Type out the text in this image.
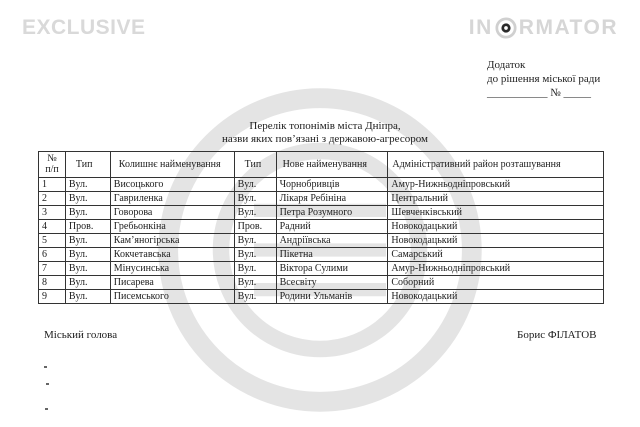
EXCLUSIVE	IN RMATOR
Додаток
до рішення міської ради
___________ № _____
Перелік топонімів міста Дніпра,
назви яких пов’язані з державою-агресором
№
п/п	Тип	Колишнє найменування	Тип	Нове найменування	Адміністративний район розташування
1	Вул.	Висоцького	Вул.	Чорнобривців	Амур-Нижньодніпровський
2	Вул.	Гавриленка	Вул.	Лікаря Ребініна	Центральний
3	Вул.	Говорова	Вул.	Петра Розумного	Шевченківський
4	Пров.	Гребьонкіна	Пров.	Радний	Новокодацький
5	Вул.	Кам’яногірська	Вул.	Андріївська	Новокодацький
6	Вул.	Кокчетавська	Вул.	Пікетна	Самарський
7	Вул.	Мінусинська	Вул.	Віктора Сулими	Амур-Нижньодніпровський
8	Вул.	Писарева	Вул.	Всесвіту	Соборний
9	Вул.	Писемського	Вул.	Родини Ульманів	Новокодацький
Міський голова	Борис ФІЛАТОВ
